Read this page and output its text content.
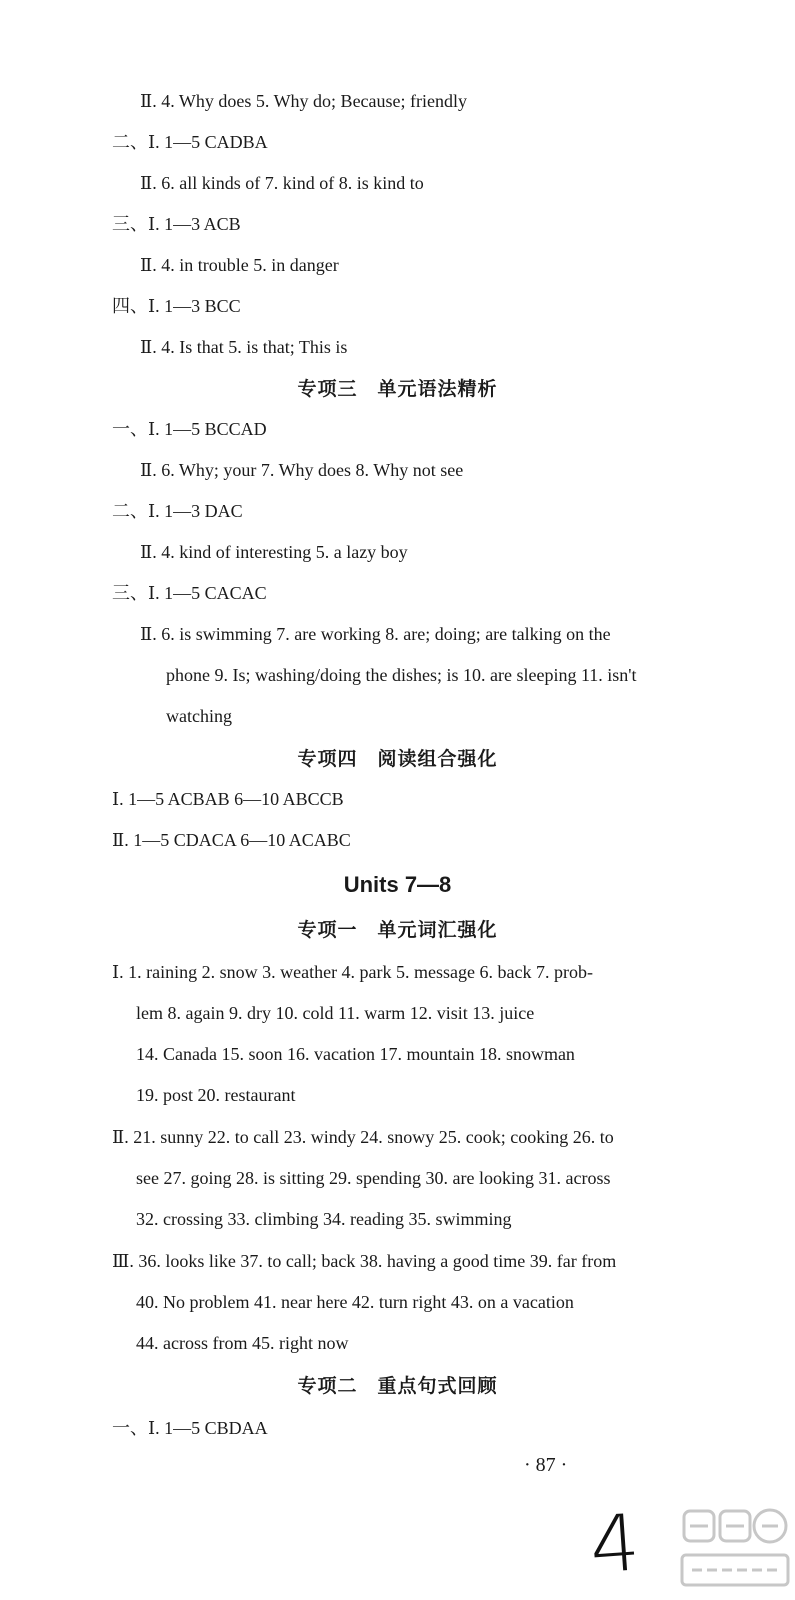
Ⅱ. 4. Why does 5. Why do; Because; friendly
二、Ⅰ. 1—5 CADBA
Ⅱ. 6. all kinds of 7. kind of 8. is kind to
三、Ⅰ. 1—3 ACB
Ⅱ. 4. in trouble 5. in danger
四、Ⅰ. 1—3 BCC
Ⅱ. 4. Is that 5. is that; This is
专项三　单元语法精析
一、Ⅰ. 1—5 BCCAD
Ⅱ. 6. Why; your 7. Why does 8. Why not see
二、Ⅰ. 1—3 DAC
Ⅱ. 4. kind of interesting 5. a lazy boy
三、Ⅰ. 1—5 CACAC
Ⅱ. 6. is swimming 7. are working 8. are; doing; are talking on the
phone 9. Is; washing/doing the dishes; is 10. are sleeping 11. isn't
watching
专项四　阅读组合强化
Ⅰ. 1—5 ACBAB 6—10 ABCCB
Ⅱ. 1—5 CDACA 6—10 ACABC
Units 7—8
专项一　单元词汇强化
Ⅰ. 1. raining 2. snow 3. weather 4. park 5. message 6. back 7. prob-
lem 8. again 9. dry 10. cold 11. warm 12. visit 13. juice
14. Canada 15. soon 16. vacation 17. mountain 18. snowman
19. post 20. restaurant
Ⅱ. 21. sunny 22. to call 23. windy 24. snowy 25. cook; cooking 26. to
see 27. going 28. is sitting 29. spending 30. are looking 31. across
32. crossing 33. climbing 34. reading 35. swimming
Ⅲ. 36. looks like 37. to call; back 38. having a good time 39. far from
40. No problem 41. near here 42. turn right 43. on a vacation
44. across from 45. right now
专项二　重点句式回顾
一、Ⅰ. 1—5 CBDAA
· 87 ·
4
